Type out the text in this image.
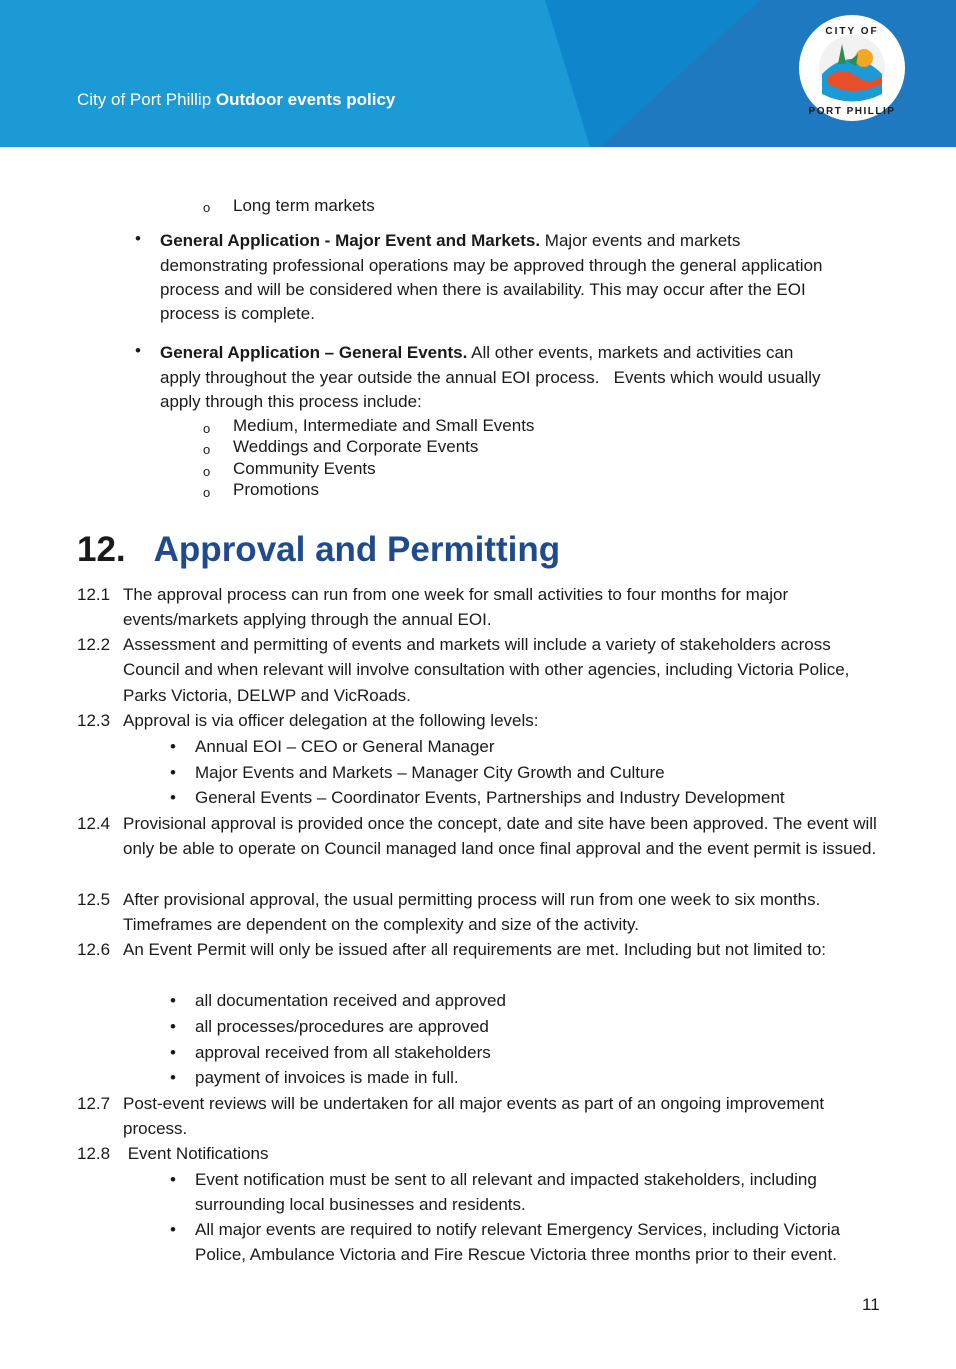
City of Port Phillip Outdoor events policy
CITY OF
PORT PHILLIP
o Long term markets
• General Application - Major Event and Markets. Major events and markets
demonstrating professional operations may be approved through the general application
process and will be considered when there is availability. This may occur after the EOI
process is complete.
• General Application – General Events. All other events, markets and activities can
apply throughout the year outside the annual EOI process.   Events which would usually
apply through this process include:
o Medium, Intermediate and Small Events
o Weddings and Corporate Events
o Community Events
o Promotions
12. Approval and Permitting
12.1 The approval process can run from one week for small activities to four months for major events/markets applying through the annual EOI.
12.2 Assessment and permitting of events and markets will include a variety of stakeholders across Council and when relevant will involve consultation with other agencies, including Victoria Police, Parks Victoria, DELWP and VicRoads.
12.3 Approval is via officer delegation at the following levels:
• Annual EOI – CEO or General Manager
• Major Events and Markets – Manager City Growth and Culture
• General Events – Coordinator Events, Partnerships and Industry Development
12.4 Provisional approval is provided once the concept, date and site have been approved. The event will only be able to operate on Council managed land once final approval and the event permit is issued.
12.5 After provisional approval, the usual permitting process will run from one week to six months. Timeframes are dependent on the complexity and size of the activity.
12.6 An Event Permit will only be issued after all requirements are met. Including but not limited to:
• all documentation received and approved
• all processes/procedures are approved
• approval received from all stakeholders
• payment of invoices is made in full.
12.7 Post-event reviews will be undertaken for all major events as part of an ongoing improvement process.
12.8 Event Notifications
• Event notification must be sent to all relevant and impacted stakeholders, including surrounding local businesses and residents.
• All major events are required to notify relevant Emergency Services, including Victoria Police, Ambulance Victoria and Fire Rescue Victoria three months prior to their event.
11
